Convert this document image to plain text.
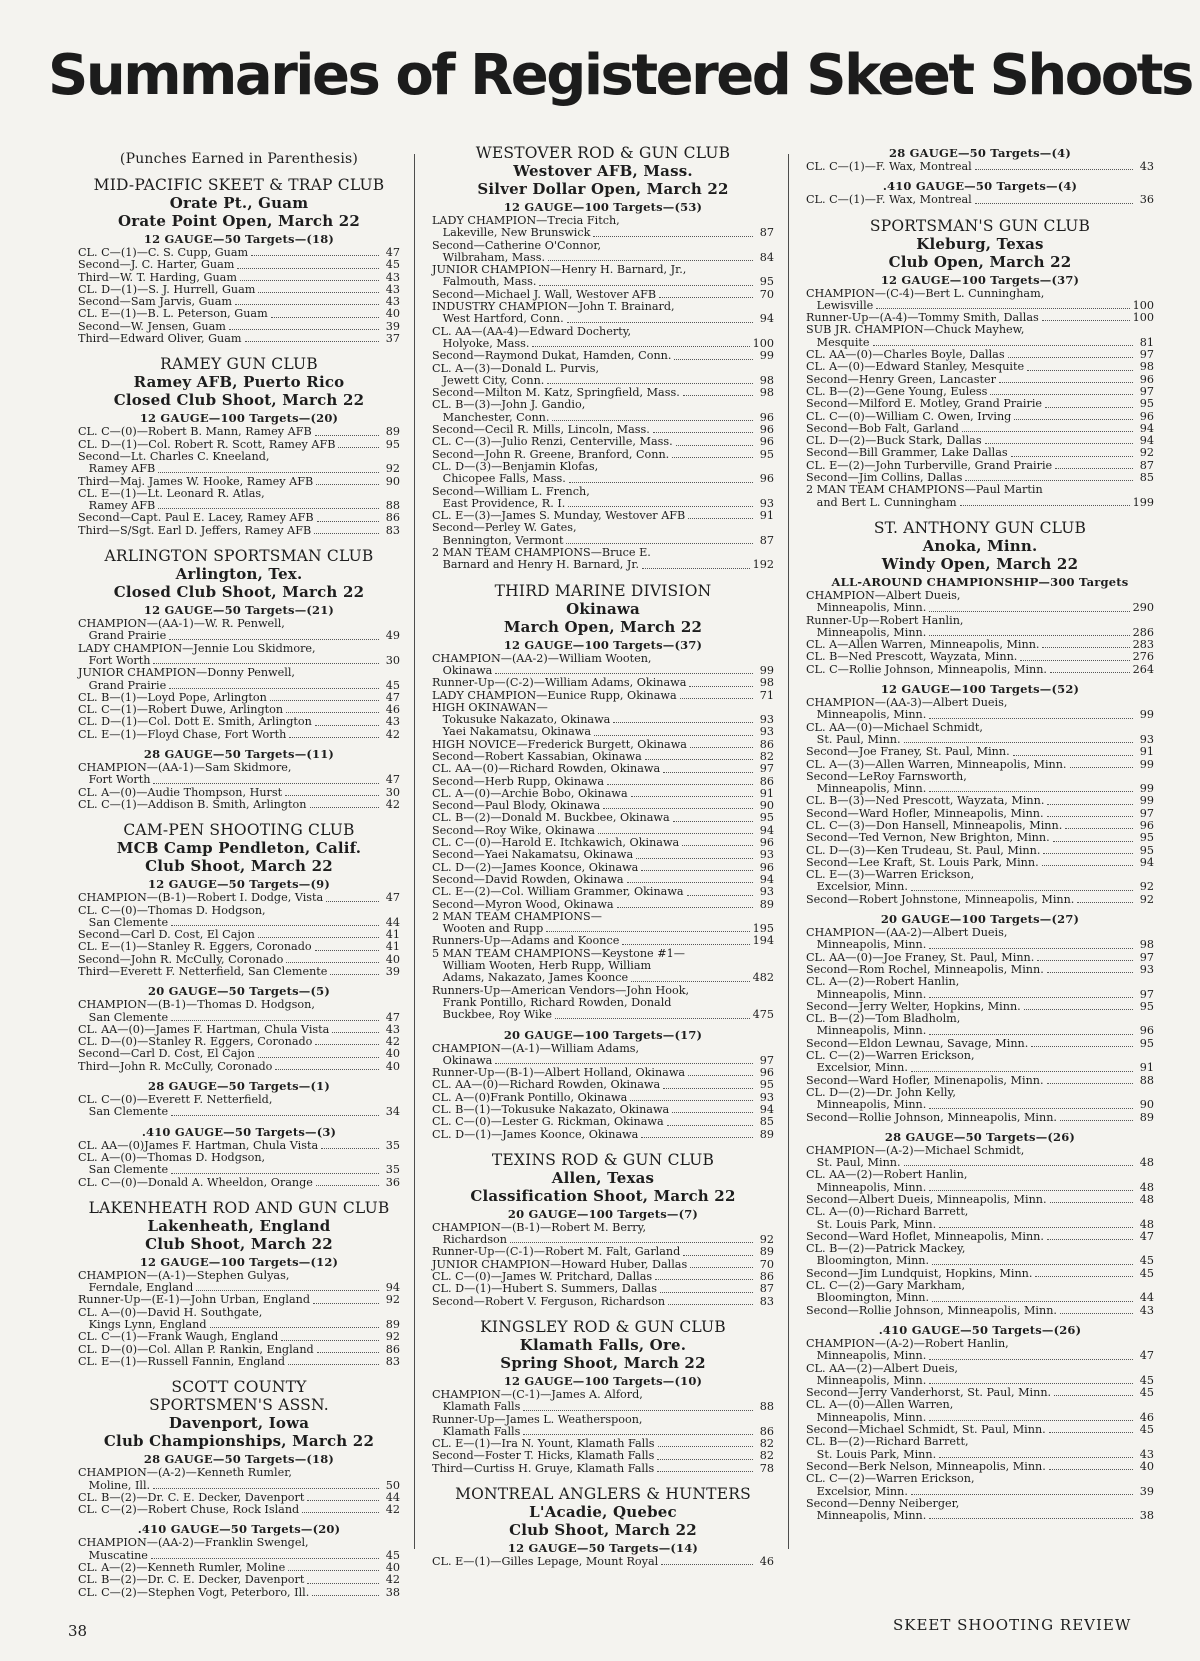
Summaries of Registered Skeet Shoots
(Punches Earned in Parenthesis)
MID-PACIFIC SKEET & TRAP CLUB
Orate Pt., Guam
Orate Point Open, March 22
12 GAUGE—50 Targets—(18)
CL. C—(1)—C. S. Cupp, Guam	47
Second—J. C. Harter, Guam	45
Third—W. T. Harding, Guam	43
CL. D—(1)—S. J. Hurrell, Guam	43
Second—Sam Jarvis, Guam	43
CL. E—(1)—B. L. Peterson, Guam	40
Second—W. Jensen, Guam	39
Third—Edward Oliver, Guam	37
RAMEY GUN CLUB
Ramey AFB, Puerto Rico
Closed Club Shoot, March 22
12 GAUGE—100 Targets—(20)
CL. C—(0)—Robert B. Mann, Ramey AFB	89
CL. D—(1)—Col. Robert R. Scott, Ramey AFB	95
Second—Lt. Charles C. Kneeland,
Ramey AFB	92
Third—Maj. James W. Hooke, Ramey AFB	90
CL. E—(1)—Lt. Leonard R. Atlas,
Ramey AFB	88
Second—Capt. Paul E. Lacey, Ramey AFB	86
Third—S/Sgt. Earl D. Jeffers, Ramey AFB	83
ARLINGTON SPORTSMAN CLUB
Arlington, Tex.
Closed Club Shoot, March 22
12 GAUGE—50 Targets—(21)
CHAMPION—(AA-1)—W. R. Penwell,
Grand Prairie	49
LADY CHAMPION—Jennie Lou Skidmore,
Fort Worth	30
JUNIOR CHAMPION—Donny Penwell,
Grand Prairie	45
CL. B—(1)—Loyd Pope, Arlington	47
CL. C—(1)—Robert Duwe, Arlington	46
CL. D—(1)—Col. Dott E. Smith, Arlington	43
CL. E—(1)—Floyd Chase, Fort Worth	42
28 GAUGE—50 Targets—(11)
CHAMPION—(AA-1)—Sam Skidmore,
Fort Worth	47
CL. A—(0)—Audie Thompson, Hurst	30
CL. C—(1)—Addison B. Smith, Arlington	42
CAM-PEN SHOOTING CLUB
MCB Camp Pendleton, Calif.
Club Shoot, March 22
12 GAUGE—50 Targets—(9)
CHAMPION—(B-1)—Robert I. Dodge, Vista	47
CL. C—(0)—Thomas D. Hodgson,
San Clemente	44
Second—Carl D. Cost, El Cajon	41
CL. E—(1)—Stanley R. Eggers, Coronado	41
Second—John R. McCully, Coronado	40
Third—Everett F. Netterfield, San Clemente	39
20 GAUGE—50 Targets—(5)
CHAMPION—(B-1)—Thomas D. Hodgson,
San Clemente	47
CL. AA—(0)—James F. Hartman, Chula Vista	43
CL. D—(0)—Stanley R. Eggers, Coronado	42
Second—Carl D. Cost, El Cajon	40
Third—John R. McCully, Coronado	40
28 GAUGE—50 Targets—(1)
CL. C—(0)—Everett F. Netterfield,
San Clemente	34
.410 GAUGE—50 Targets—(3)
CL. AA—(0)James F. Hartman, Chula Vista	35
CL. A—(0)—Thomas D. Hodgson,
San Clemente	35
CL. C—(0)—Donald A. Wheeldon, Orange	36
LAKENHEATH ROD AND GUN CLUB
Lakenheath, England
Club Shoot, March 22
12 GAUGE—100 Targets—(12)
CHAMPION—(A-1)—Stephen Gulyas,
Ferndale, England	94
Runner-Up—(E-1)—John Urban, England	92
CL. A—(0)—David H. Southgate,
Kings Lynn, England	89
CL. C—(1)—Frank Waugh, England	92
CL. D—(0)—Col. Allan P. Rankin, England	86
CL. E—(1)—Russell Fannin, England	83
SCOTT COUNTY
SPORTSMEN'S ASSN.
Davenport, Iowa
Club Championships, March 22
28 GAUGE—50 Targets—(18)
CHAMPION—(A-2)—Kenneth Rumler,
Moline, Ill.	50
CL. B—(2)—Dr. C. E. Decker, Davenport	44
CL. C—(2)—Robert Chuse, Rock Island	42
.410 GAUGE—50 Targets—(20)
CHAMPION—(AA-2)—Franklin Swengel,
Muscatine	45
CL. A—(2)—Kenneth Rumler, Moline	40
CL. B—(2)—Dr. C. E. Decker, Davenport	42
CL. C—(2)—Stephen Vogt, Peterboro, Ill.	38
WESTOVER ROD & GUN CLUB
Westover AFB, Mass.
Silver Dollar Open, March 22
12 GAUGE—100 Targets—(53)
LADY CHAMPION—Trecia Fitch,
Lakeville, New Brunswick	87
Second—Catherine O'Connor,
Wilbraham, Mass.	84
JUNIOR CHAMPION—Henry H. Barnard, Jr.,
Falmouth, Mass.	95
Second—Michael J. Wall, Westover AFB	70
INDUSTRY CHAMPION—John T. Brainard,
West Hartford, Conn.	94
CL. AA—(AA-4)—Edward Docherty,
Holyoke, Mass.	100
Second—Raymond Dukat, Hamden, Conn.	99
CL. A—(3)—Donald L. Purvis,
Jewett City, Conn.	98
Second—Milton M. Katz, Springfield, Mass.	98
CL. B—(3)—John J. Gandio,
Manchester, Conn.	96
Second—Cecil R. Mills, Lincoln, Mass.	96
CL. C—(3)—Julio Renzi, Centerville, Mass.	96
Second—John R. Greene, Branford, Conn.	95
CL. D—(3)—Benjamin Klofas,
Chicopee Falls, Mass.	96
Second—William L. French,
East Providence, R. I.	93
CL. E—(3)—James S. Munday, Westover AFB	91
Second—Perley W. Gates,
Bennington, Vermont	87
2 MAN TEAM CHAMPIONS—Bruce E.
Barnard and Henry H. Barnard, Jr.	192
THIRD MARINE DIVISION
Okinawa
March Open, March 22
12 GAUGE—100 Targets—(37)
CHAMPION—(AA-2)—William Wooten,
Okinawa	99
Runner-Up—(C-2)—William Adams, Okinawa	98
LADY CHAMPION—Eunice Rupp, Okinawa	71
HIGH OKINAWAN—
Tokusuke Nakazato, Okinawa	93
Yaei Nakamatsu, Okinawa	93
HIGH NOVICE—Frederick Burgett, Okinawa	86
Second—Robert Kassabian, Okinawa	82
CL. AA—(0)—Richard Rowden, Okinawa	97
Second—Herb Rupp, Okinawa	86
CL. A—(0)—Archie Bobo, Okinawa	91
Second—Paul Blody, Okinawa	90
CL. B—(2)—Donald M. Buckbee, Okinawa	95
Second—Roy Wike, Okinawa	94
CL. C—(0)—Harold E. Itchkawich, Okinawa	96
Second—Yaei Nakamatsu, Okinawa	93
CL. D—(2)—James Koonce, Okinawa	96
Second—David Rowden, Okinawa	94
CL. E—(2)—Col. William Grammer, Okinawa	93
Second—Myron Wood, Okinawa	89
2 MAN TEAM CHAMPIONS—
Wooten and Rupp	195
Runners-Up—Adams and Koonce	194
5 MAN TEAM CHAMPIONS—Keystone #1—
William Wooten, Herb Rupp, William
Adams, Nakazato, James Koonce	482
Runners-Up—American Vendors—John Hook,
Frank Pontillo, Richard Rowden, Donald
Buckbee, Roy Wike	475
20 GAUGE—100 Targets—(17)
CHAMPION—(A-1)—William Adams,
Okinawa	97
Runner-Up—(B-1)—Albert Holland, Okinawa	96
CL. AA—(0)—Richard Rowden, Okinawa	95
CL. A—(0)Frank Pontillo, Okinawa	93
CL. B—(1)—Tokusuke Nakazato, Okinawa	94
CL. C—(0)—Lester G. Rickman, Okinawa	85
CL. D—(1)—James Koonce, Okinawa	89
TEXINS ROD & GUN CLUB
Allen, Texas
Classification Shoot, March 22
20 GAUGE—100 Targets—(7)
CHAMPION—(B-1)—Robert M. Berry,
Richardson	92
Runner-Up—(C-1)—Robert M. Falt, Garland	89
JUNIOR CHAMPION—Howard Huber, Dallas	70
CL. C—(0)—James W. Pritchard, Dallas	86
CL. D—(1)—Hubert S. Summers, Dallas	87
Second—Robert V. Ferguson, Richardson	83
KINGSLEY ROD & GUN CLUB
Klamath Falls, Ore.
Spring Shoot, March 22
12 GAUGE—100 Targets—(10)
CHAMPION—(C-1)—James A. Alford,
Klamath Falls	88
Runner-Up—James L. Weatherspoon,
Klamath Falls	86
CL. E—(1)—Ira N. Yount, Klamath Falls	82
Second—Foster T. Hicks, Klamath Falls	82
Third—Curtiss H. Gruye, Klamath Falls	78
MONTREAL ANGLERS & HUNTERS
L'Acadie, Quebec
Club Shoot, March 22
12 GAUGE—50 Targets—(14)
CL. E—(1)—Gilles Lepage, Mount Royal	46
28 GAUGE—50 Targets—(4)
CL. C—(1)—F. Wax, Montreal	43
.410 GAUGE—50 Targets—(4)
CL. C—(1)—F. Wax, Montreal	36
SPORTSMAN'S GUN CLUB
Kleburg, Texas
Club Open, March 22
12 GAUGE—100 Targets—(37)
CHAMPION—(C-4)—Bert L. Cunningham,
Lewisville	100
Runner-Up—(A-4)—Tommy Smith, Dallas	100
SUB JR. CHAMPION—Chuck Mayhew,
Mesquite	81
CL. AA—(0)—Charles Boyle, Dallas	97
CL. A—(0)—Edward Stanley, Mesquite	98
Second—Henry Green, Lancaster	96
CL. B—(2)—Gene Young, Euless	97
Second—Milford E. Motley, Grand Prairie	95
CL. C—(0)—William C. Owen, Irving	96
Second—Bob Falt, Garland	94
CL. D—(2)—Buck Stark, Dallas	94
Second—Bill Grammer, Lake Dallas	92
CL. E—(2)—John Turberville, Grand Prairie	87
Second—Jim Collins, Dallas	85
2 MAN TEAM CHAMPIONS—Paul Martin
and Bert L. Cunningham	199
ST. ANTHONY GUN CLUB
Anoka, Minn.
Windy Open, March 22
ALL-AROUND CHAMPIONSHIP—300 Targets
CHAMPION—Albert Dueis,
Minneapolis, Minn.	290
Runner-Up—Robert Hanlin,
Minneapolis, Minn.	286
CL. A—Allen Warren, Minneapolis, Minn.	283
CL. B—Ned Prescott, Wayzata, Minn.	276
CL. C—Rollie Johnson, Minneapolis, Minn.	264
12 GAUGE—100 Targets—(52)
CHAMPION—(AA-3)—Albert Dueis,
Minneapolis, Minn.	99
CL. AA—(0)—Michael Schmidt,
St. Paul, Minn.	93
Second—Joe Franey, St. Paul, Minn.	91
CL. A—(3)—Allen Warren, Minneapolis, Minn.	99
Second—LeRoy Farnsworth,
Minneapolis, Minn.	99
CL. B—(3)—Ned Prescott, Wayzata, Minn.	99
Second—Ward Hofler, Minneapolis, Minn.	97
CL. C—(3)—Don Hansell, Minneapolis, Minn.	96
Second—Ted Vernon, New Brighton, Minn.	95
CL. D—(3)—Ken Trudeau, St. Paul, Minn.	95
Second—Lee Kraft, St. Louis Park, Minn.	94
CL. E—(3)—Warren Erickson,
Excelsior, Minn.	92
Second—Robert Johnstone, Minneapolis, Minn.	92
20 GAUGE—100 Targets—(27)
CHAMPION—(AA-2)—Albert Dueis,
Minneapolis, Minn.	98
CL. AA—(0)—Joe Franey, St. Paul, Minn.	97
Second—Rom Rochel, Minneapolis, Minn.	93
CL. A—(2)—Robert Hanlin,
Minneapolis, Minn.	97
Second—Jerry Welter, Hopkins, Minn.	95
CL. B—(2)—Tom Bladholm,
Minneapolis, Minn.	96
Second—Eldon Lewnau, Savage, Minn.	95
CL. C—(2)—Warren Erickson,
Excelsior, Minn.	91
Second—Ward Hofler, Minenapolis, Minn.	88
CL. D—(2)—Dr. John Kelly,
Minneapolis, Minn.	90
Second—Rollie Johnson, Minneapolis, Minn.	89
28 GAUGE—50 Targets—(26)
CHAMPION—(A-2)—Michael Schmidt,
St. Paul, Minn.	48
CL. AA—(2)—Robert Hanlin,
Minneapolis, Minn.	48
Second—Albert Dueis, Minneapolis, Minn.	48
CL. A—(0)—Richard Barrett,
St. Louis Park, Minn.	48
Second—Ward Hoflet, Minneapolis, Minn.	47
CL. B—(2)—Patrick Mackey,
Bloomington, Minn.	45
Second—Jim Lundquist, Hopkins, Minn.	45
CL. C—(2)—Gary Markham,
Bloomington, Minn.	44
Second—Rollie Johnson, Minneapolis, Minn.	43
.410 GAUGE—50 Targets—(26)
CHAMPION—(A-2)—Robert Hanlin,
Minneapolis, Minn.	47
CL. AA—(2)—Albert Dueis,
Minneapolis, Minn.	45
Second—Jerry Vanderhorst, St. Paul, Minn.	45
CL. A—(0)—Allen Warren,
Minneapolis, Minn.	46
Second—Michael Schmidt, St. Paul, Minn.	45
CL. B—(2)—Richard Barrett,
St. Louis Park, Minn.	43
Second—Berk Nelson, Minneapolis, Minn.	40
CL. C—(2)—Warren Erickson,
Excelsior, Minn.	39
Second—Denny Neiberger,
Minneapolis, Minn.	38
38	SKEET SHOOTING REVIEW
